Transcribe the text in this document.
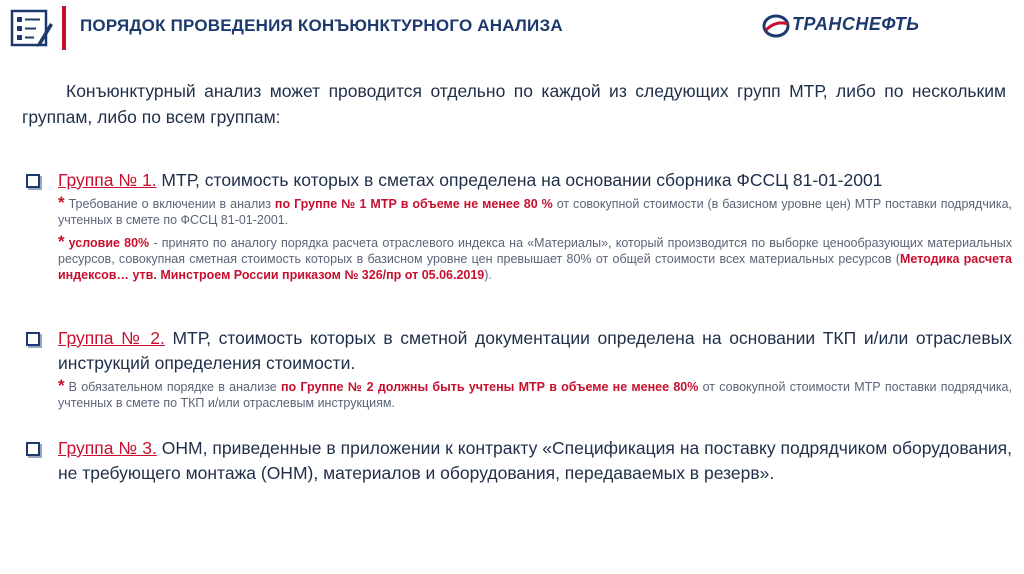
ПОРЯДОК ПРОВЕДЕНИЯ КОНЪЮНКТУРНОГО АНАЛИЗА	ТРАНСНЕФТЬ
Конъюнктурный анализ может проводится отдельно по каждой из следующих групп МТР, либо по нескольким группам, либо по всем группам:
Группа № 1. МТР, стоимость которых в сметах определена на основании сборника ФССЦ 81-01-2001
* Требование о включении в анализ по Группе № 1 МТР в объеме не менее 80 % от совокупной стоимости (в базисном уровне цен) МТР поставки подрядчика, учтенных в смете по ФССЦ 81-01-2001.
* условие 80% - принято по аналогу порядка расчета отраслевого индекса на «Материалы», который производится по выборке ценообразующих материальных ресурсов, совокупная сметная стоимость которых в базисном уровне цен превышает 80% от общей стоимости всех материальных ресурсов (Методика расчета индексов… утв. Минстроем России приказом № 326/пр от 05.06.2019).
Группа № 2. МТР, стоимость которых в сметной документации определена на основании ТКП и/или отраслевых инструкций определения стоимости.
* В обязательном порядке в анализе по Группе № 2 должны быть учтены МТР в объеме не менее 80% от совокупной стоимости МТР поставки подрядчика, учтенных в смете по ТКП и/или отраслевым инструкциям.
Группа № 3. ОНМ, приведенные в приложении к контракту «Спецификация на поставку подрядчиком оборудования, не требующего монтажа (ОНМ), материалов и оборудования, передаваемых в резерв».
